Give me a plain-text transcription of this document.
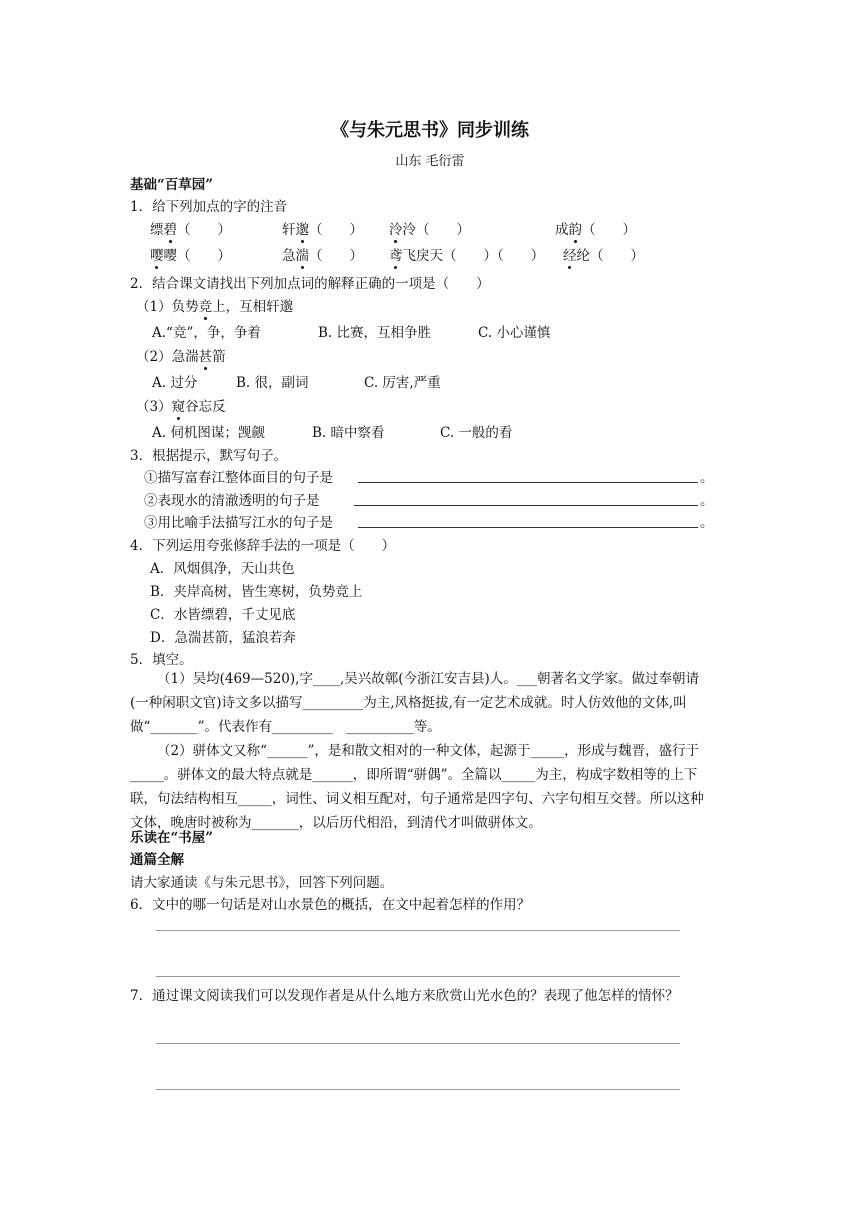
《与朱元思书》同步训练
山东 毛衍雷
基础“百草园”
1．给下列加点的字的注音
缥碧（　　）	轩邈（　　） 泠泠（　　）	成韵（　　）
嘤嘤（　　）	急湍（　　） 鸢飞戾天（　　）（　　） 经纶（　　）
2．结合课文请找出下列加点词的解释正确的一项是（　　）
（1）负势竞上，互相轩邈
A.“竞”，争，争着	B. 比赛，互相争胜	C. 小心谨慎
（2）急湍甚箭
A. 过分	B. 很，副词	C. 厉害,严重
（3）窥谷忘反
A. 伺机图谋；觊觎	B. 暗中察看	C. 一般的看
3．根据提示，默写句子。
①描写富春江整体面目的句子是	。
②表现水的清澈透明的句子是	。
③用比喻手法描写江水的句子是	。
4．下列运用夸张修辞手法的一项是（　　）
A．风烟俱净，天山共色
B．夹岸高树，皆生寒树，负势竞上
C．水皆缥碧，千丈见底
D．急湍甚箭，猛浪若奔
5．填空。
（1）吴均(469—520),字____,吴兴故鄣(今浙江安吉县)人。___朝著名文学家。做过奉朝请(一种闲职文官)诗文多以描写_________为主,风格挺拔,有一定艺术成就。时人仿效他的文体,叫做“_______”。代表作有_________　__________等。
（2）骈体文又称“______”，是和散文相对的一种文体，起源于_____，形成与魏晋，盛行于_____。骈体文的最大特点就是______，即所谓“骈偶”。全篇以_____为主，构成字数相等的上下联，句法结构相互_____，词性、词义相互配对，句子通常是四字句、六字句相互交替。所以这种文体，晚唐时被称为_______，以后历代相沿，到清代才叫做骈体文。
乐读在“书屋”
通篇全解
请大家通读《与朱元思书》，回答下列问题。
6．文中的哪一句话是对山水景色的概括，在文中起着怎样的作用？
7．通过课文阅读我们可以发现作者是从什么地方来欣赏山光水色的？表现了他怎样的情怀？
